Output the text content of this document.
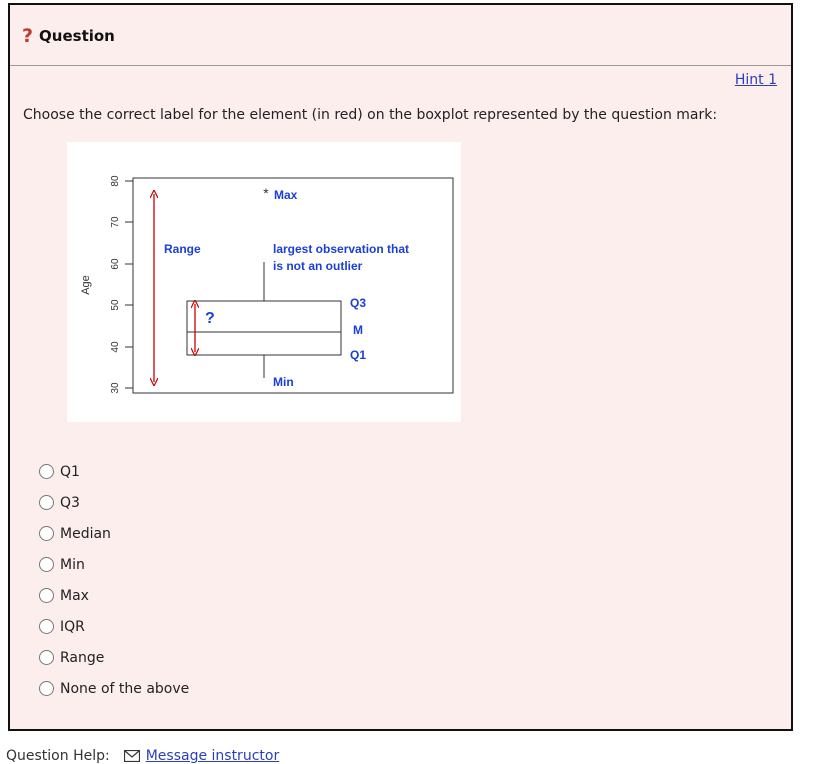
? Question
Hint 1
Choose the correct label for the element (in red) on the boxplot represented by the question mark:
80
70
60
50
40
30
Age
* Max
Range	largest observation that
is not an outlier
Q3
M
Q1
Min
?
Q1
Q3
Median
Min
Max
IQR
Range
None of the above
Question Help:	Message instructor
